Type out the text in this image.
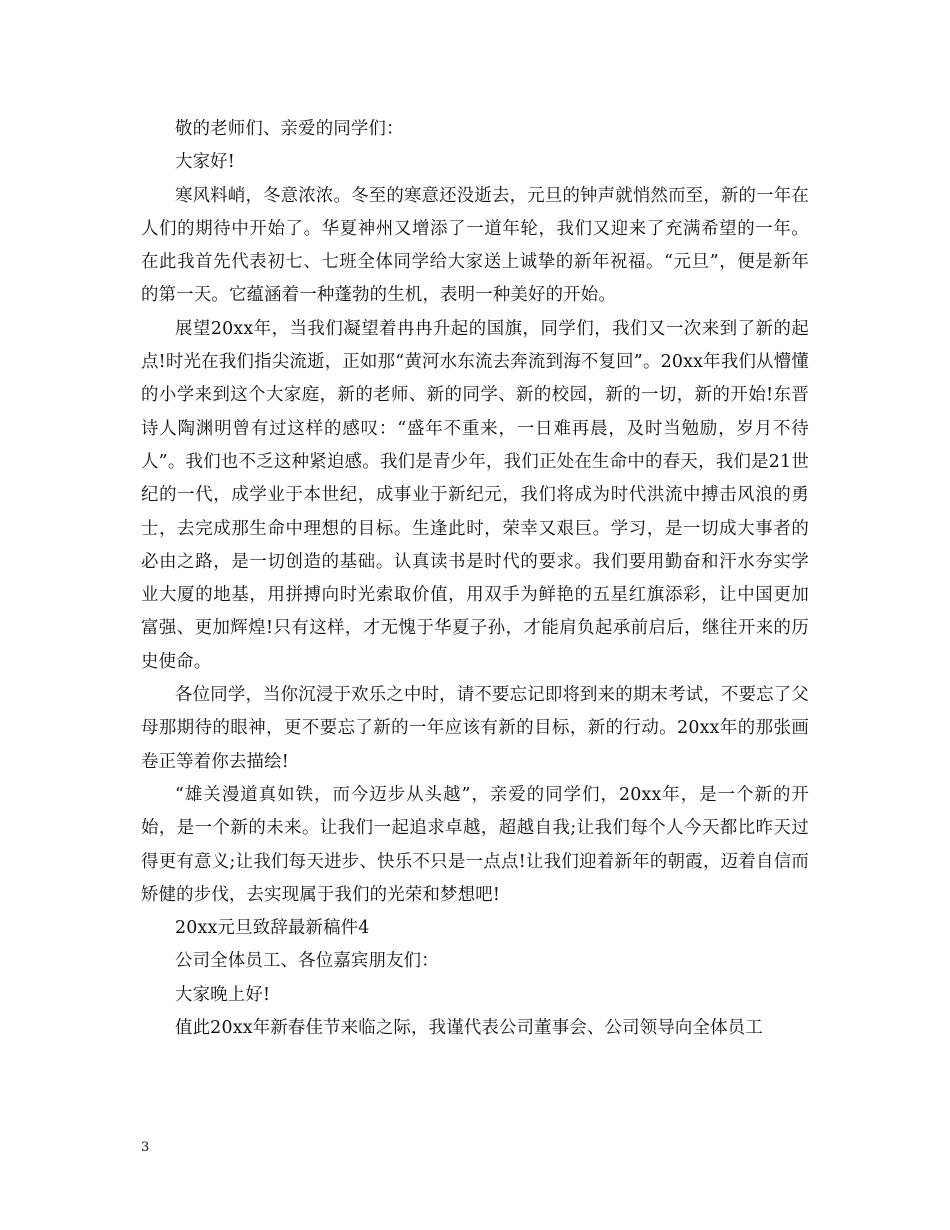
敬的老师们、亲爱的同学们：

大家好!

寒风料峭，冬意浓浓。冬至的寒意还没逝去，元旦的钟声就悄然而至，新的一年在人们的期待中开始了。华夏神州又增添了一道年轮，我们又迎来了充满希望的一年。在此我首先代表初七、七班全体同学给大家送上诚挚的新年祝福。“元旦”，便是新年的第一天。它蕴涵着一种蓬勃的生机，表明一种美好的开始。

展望20xx年，当我们凝望着冉冉升起的国旗，同学们，我们又一次来到了新的起点!时光在我们指尖流逝，正如那“黄河水东流去奔流到海不复回”。20xx年我们从懵懂的小学来到这个大家庭，新的老师、新的同学、新的校园，新的一切，新的开始!东晋诗人陶渊明曾有过这样的感叹：“盛年不重来，一日难再晨，及时当勉励，岁月不待人”。我们也不乏这种紧迫感。我们是青少年，我们正处在生命中的春天，我们是21世纪的一代，成学业于本世纪，成事业于新纪元，我们将成为时代洪流中搏击风浪的勇士，去完成那生命中理想的目标。生逢此时，荣幸又艰巨。学习，是一切成大事者的必由之路，是一切创造的基础。认真读书是时代的要求。我们要用勤奋和汗水夯实学业大厦的地基，用拼搏向时光索取价值，用双手为鲜艳的五星红旗添彩，让中国更加富强、更加辉煌!只有这样，才无愧于华夏子孙，才能肩负起承前启后，继往开来的历史使命。

各位同学，当你沉浸于欢乐之中时，请不要忘记即将到来的期末考试，不要忘了父母那期待的眼神，更不要忘了新的一年应该有新的目标，新的行动。20xx年的那张画卷正等着你去描绘!

“雄关漫道真如铁，而今迈步从头越”，亲爱的同学们，20xx年，是一个新的开始，是一个新的未来。让我们一起追求卓越，超越自我;让我们每个人今天都比昨天过得更有意义;让我们每天进步、快乐不只是一点点!让我们迎着新年的朝霞，迈着自信而矫健的步伐，去实现属于我们的光荣和梦想吧!

20xx元旦致辞最新稿件4

公司全体员工、各位嘉宾朋友们：

大家晚上好!

值此20xx年新春佳节来临之际，我谨代表公司董事会、公司领导向全体员工

3
